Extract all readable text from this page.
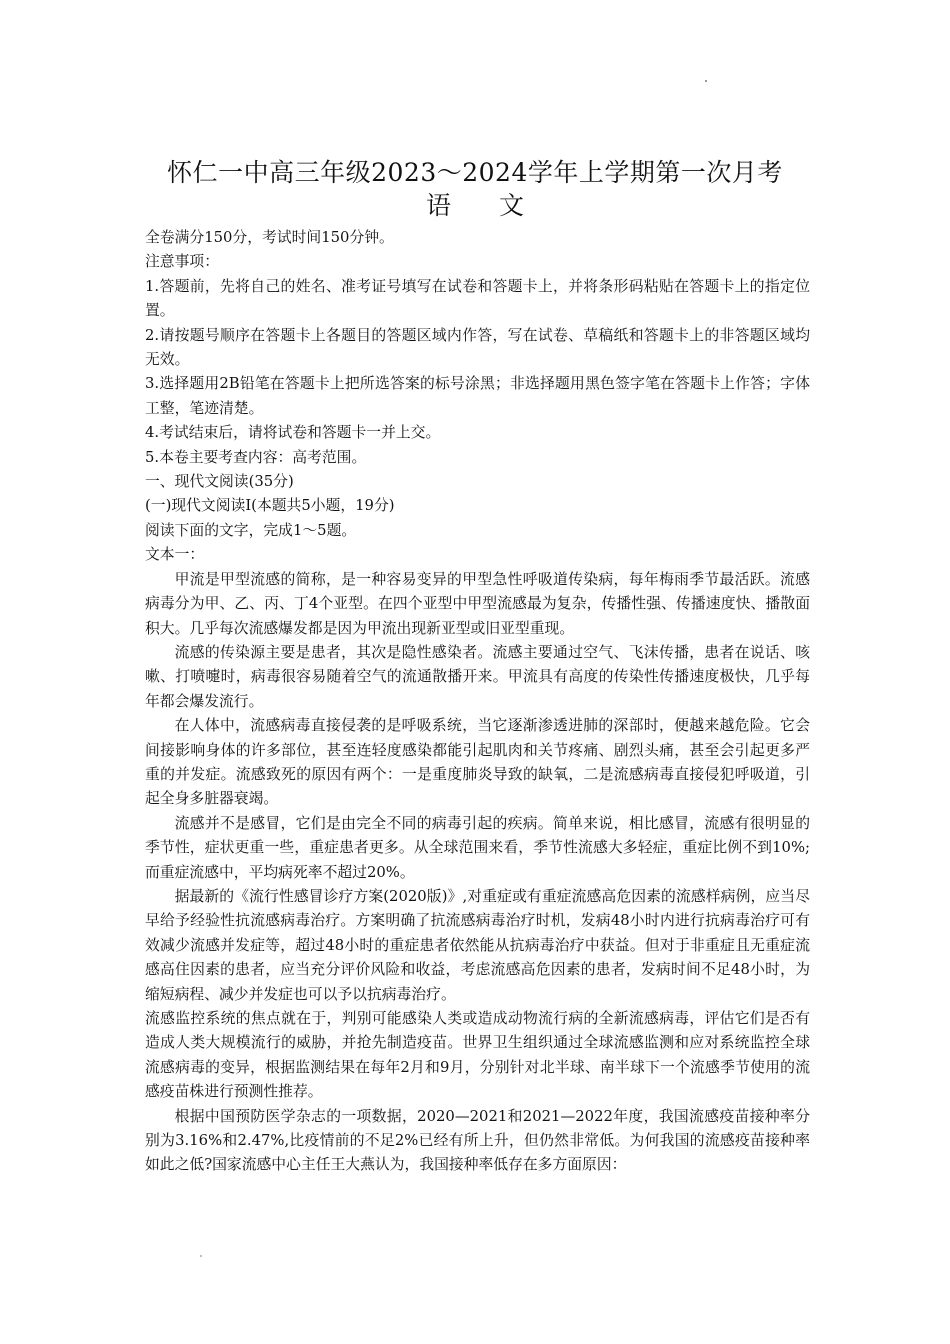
怀仁一中高三年级2023～2024学年上学期第一次月考
语文

全卷满分150分，考试时间150分钟。

注意事项：

1.答题前，先将自己的姓名、准考证号填写在试卷和答题卡上，并将条形码粘贴在答题卡上的指定位置。

2.请按题号顺序在答题卡上各题目的答题区域内作答，写在试卷、草稿纸和答题卡上的非答题区域均无效。

3.选择题用2B铅笔在答题卡上把所选答案的标号涂黑；非选择题用黑色签字笔在答题卡上作答；字体工整，笔迹清楚。

4.考试结束后，请将试卷和答题卡一并上交。

5.本卷主要考查内容：高考范围。

一、现代文阅读(35分)

(一)现代文阅读Ⅰ(本题共5小题，19分)

阅读下面的文字，完成1～5题。

文本一：

甲流是甲型流感的简称，是一种容易变异的甲型急性呼吸道传染病，每年梅雨季节最活跃。流感病毒分为甲、乙、丙、丁4个亚型。在四个亚型中甲型流感最为复杂，传播性强、传播速度快、播散面积大。几乎每次流感爆发都是因为甲流出现新亚型或旧亚型重现。

流感的传染源主要是患者，其次是隐性感染者。流感主要通过空气、飞沫传播，患者在说话、咳嗽、打喷嚏时，病毒很容易随着空气的流通散播开来。甲流具有高度的传染性传播速度极快，几乎每年都会爆发流行。

在人体中，流感病毒直接侵袭的是呼吸系统，当它逐渐渗透进肺的深部时，便越来越危险。它会间接影响身体的许多部位，甚至连轻度感染都能引起肌肉和关节疼痛、剧烈头痛，甚至会引起更多严重的并发症。流感致死的原因有两个：一是重度肺炎导致的缺氧，二是流感病毒直接侵犯呼吸道，引起全身多脏器衰竭。

流感并不是感冒，它们是由完全不同的病毒引起的疾病。简单来说，相比感冒，流感有很明显的季节性，症状更重一些，重症患者更多。从全球范围来看，季节性流感大多轻症，重症比例不到10%;而重症流感中，平均病死率不超过20%。

据最新的《流行性感冒诊疗方案(2020版)》,对重症或有重症流感高危因素的流感样病例，应当尽早给予经验性抗流感病毒治疗。方案明确了抗流感病毒治疗时机，发病48小时内进行抗病毒治疗可有效减少流感并发症等，超过48小时的重症患者依然能从抗病毒治疗中获益。但对于非重症且无重症流感高住因素的患者，应当充分评价风险和收益，考虑流感高危因素的患者，发病时间不足48小时，为缩短病程、减少并发症也可以予以抗病毒治疗。

流感监控系统的焦点就在于，判别可能感染人类或造成动物流行病的全新流感病毒，评估它们是否有造成人类大规模流行的威胁，并抢先制造疫苗。世界卫生组织通过全球流感监测和应对系统监控全球流感病毒的变异，根据监测结果在每年2月和9月，分别针对北半球、南半球下一个流感季节使用的流感疫苗株进行预测性推荐。

根据中国预防医学杂志的一项数据，2020—2021和2021—2022年度，我国流感疫苗接种率分别为3.16%和2.47%,比疫情前的不足2%已经有所上升，但仍然非常低。为何我国的流感疫苗接种率如此之低?国家流感中心主任王大燕认为，我国接种率低存在多方面原因：
